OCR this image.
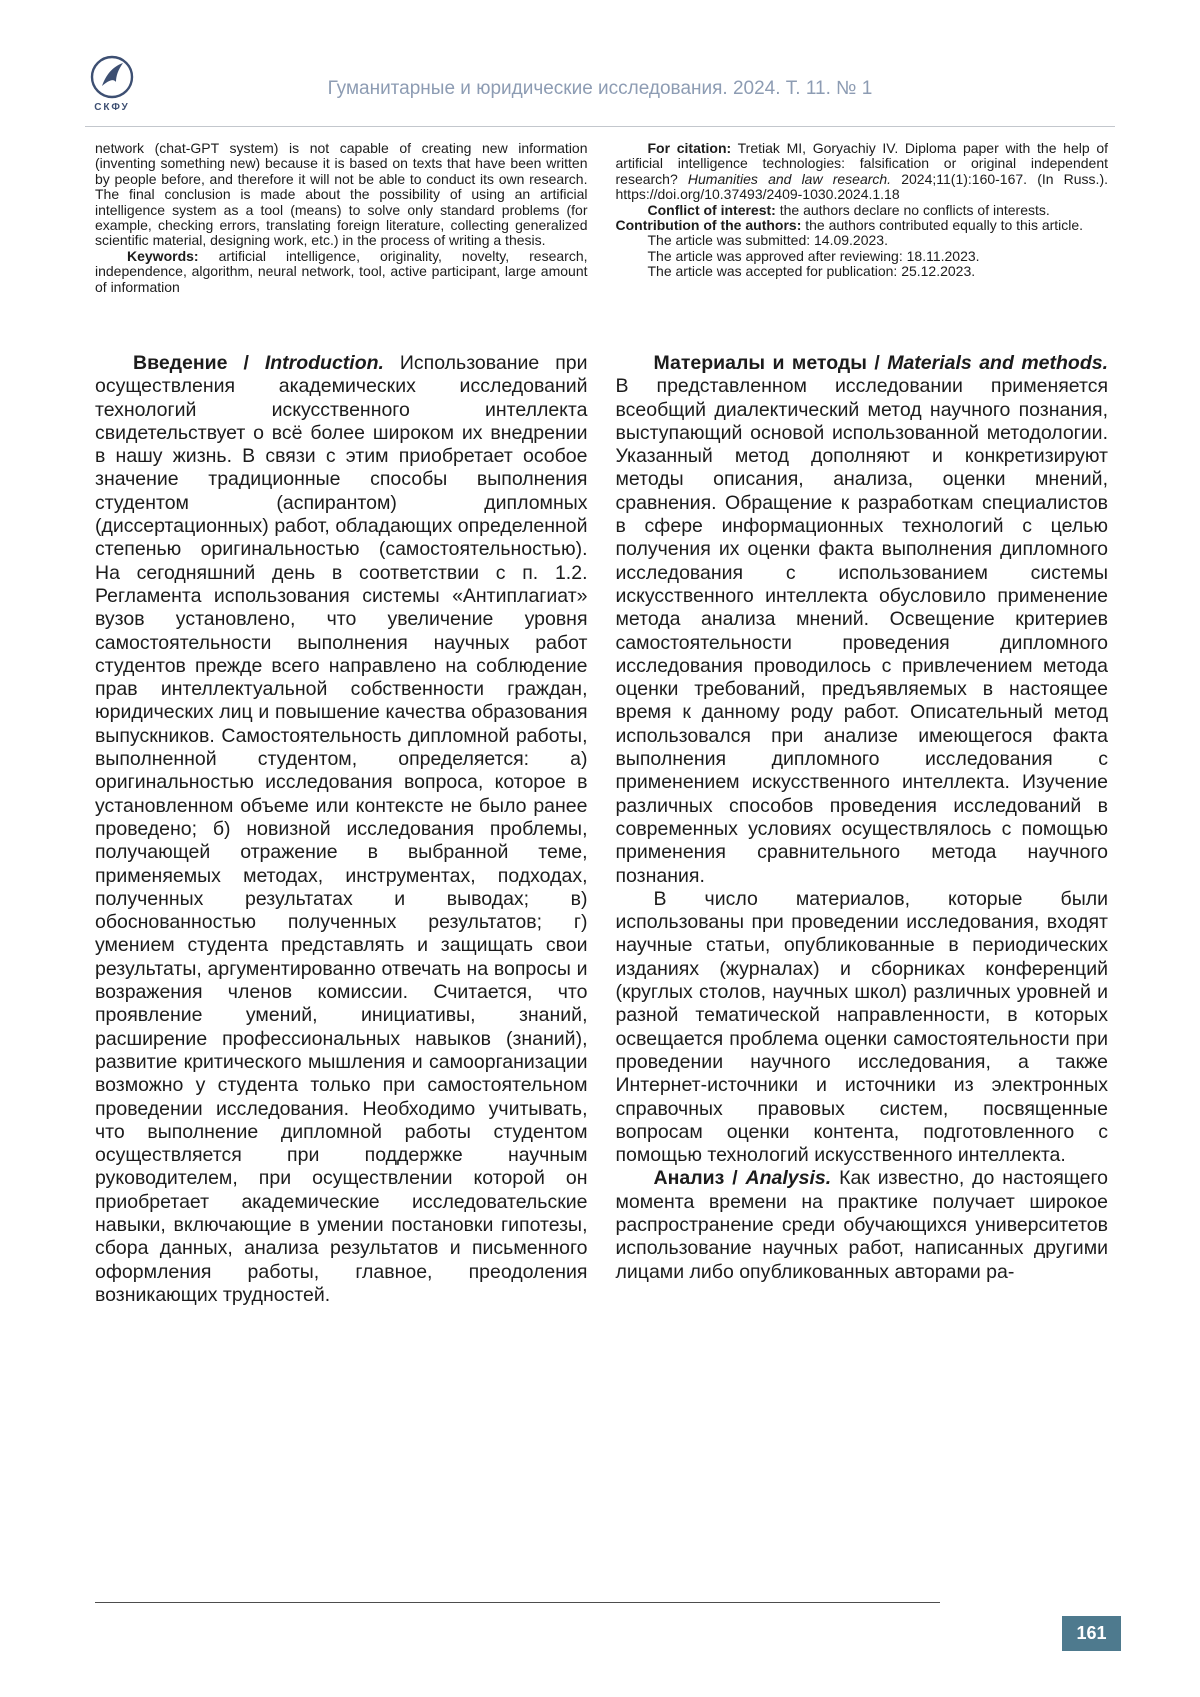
СКФУ
Гуманитарные и юридические исследования. 2024. Т. 11. № 1

network (chat-GPT system) is not capable of creating new information (inventing something new) because it is based on texts that have been written by people before, and therefore it will not be able to conduct its own research. The final conclusion is made about the possibility of using an artificial intelligence system as a tool (means) to solve only standard problems (for example, checking errors, translating foreign literature, collecting generalized scientific material, designing work, etc.) in the process of writing a thesis.

Keywords: artificial intelligence, originality, novelty, research, independence, algorithm, neural network, tool, active participant, large amount of information

For citation: Tretiak MI, Goryachiy IV. Diploma paper with the help of artificial intelligence technologies: falsification or original independent research? Humanities and law research. 2024;11(1):160-167. (In Russ.). https://doi.org/10.37493/2409-1030.2024.1.18

Conflict of interest: the authors declare no conflicts of interests.

Contribution of the authors: the authors contributed equally to this article.

The article was submitted: 14.09.2023.

The article was approved after reviewing: 18.11.2023.

The article was accepted for publication: 25.12.2023.

Введение / Introduction. Использование при осуществления академических исследований технологий искусственного интеллекта свидетельствует о всё более широком их внедрении в нашу жизнь. В связи с этим приобретает особое значение традиционные способы выполнения студентом (аспирантом) дипломных (диссертационных) работ, обладающих определенной степенью оригинальностью (самостоятельностью). На сегодняшний день в соответствии с п. 1.2. Регламента использования системы «Антиплагиат» вузов установлено, что увеличение уровня самостоятельности выполнения научных работ студентов прежде всего направлено на соблюдение прав интеллектуальной собственности граждан, юридических лиц и повышение качества образования выпускников. Самостоятельность дипломной работы, выполненной студентом, определяется: а) оригинальностью исследования вопроса, которое в установленном объеме или контексте не было ранее проведено; б) новизной исследования проблемы, получающей отражение в выбранной теме, применяемых методах, инструментах, подходах, полученных результатах и выводах; в) обоснованностью полученных результатов; г) умением студента представлять и защищать свои результаты, аргументированно отвечать на вопросы и возражения членов комиссии. Считается, что проявление умений, инициативы, знаний, расширение профессиональных навыков (знаний), развитие критического мышления и самоорганизации возможно у студента только при самостоятельном проведении исследования. Необходимо учитывать, что выполнение дипломной работы студентом осуществляется при поддержке научным руководителем, при осуществлении которой он приобретает академические исследовательские навыки, включающие в умении постановки гипотезы, сбора данных, анализа результатов и письменного оформления работы, главное, преодоления возникающих трудностей.

Материалы и методы / Materials and methods. В представленном исследовании применяется всеобщий диалектический метод научного познания, выступающий основой использованной методологии. Указанный метод дополняют и конкретизируют методы описания, анализа, оценки мнений, сравнения. Обращение к разработкам специалистов в сфере информационных технологий с целью получения их оценки факта выполнения дипломного исследования с использованием системы искусственного интеллекта обусловило применение метода анализа мнений. Освещение критериев самостоятельности проведения дипломного исследования проводилось с привлечением метода оценки требований, предъявляемых в настоящее время к данному роду работ. Описательный метод использовался при анализе имеющегося факта выполнения дипломного исследования с применением искусственного интеллекта. Изучение различных способов проведения исследований в современных условиях осуществлялось с помощью применения сравнительного метода научного познания.

В число материалов, которые были использованы при проведении исследования, входят научные статьи, опубликованные в периодических изданиях (журналах) и сборниках конференций (круглых столов, научных школ) различных уровней и разной тематической направленности, в которых освещается проблема оценки самостоятельности при проведении научного исследования, а также Интернет-источники и источники из электронных справочных правовых систем, посвященные вопросам оценки контента, подготовленного с помощью технологий искусственного интеллекта.

Анализ / Analysis. Как известно, до настоящего момента времени на практике получает широкое распространение среди обучающихся университетов использование научных работ, написанных другими лицами либо опубликованных авторами ра-

161
